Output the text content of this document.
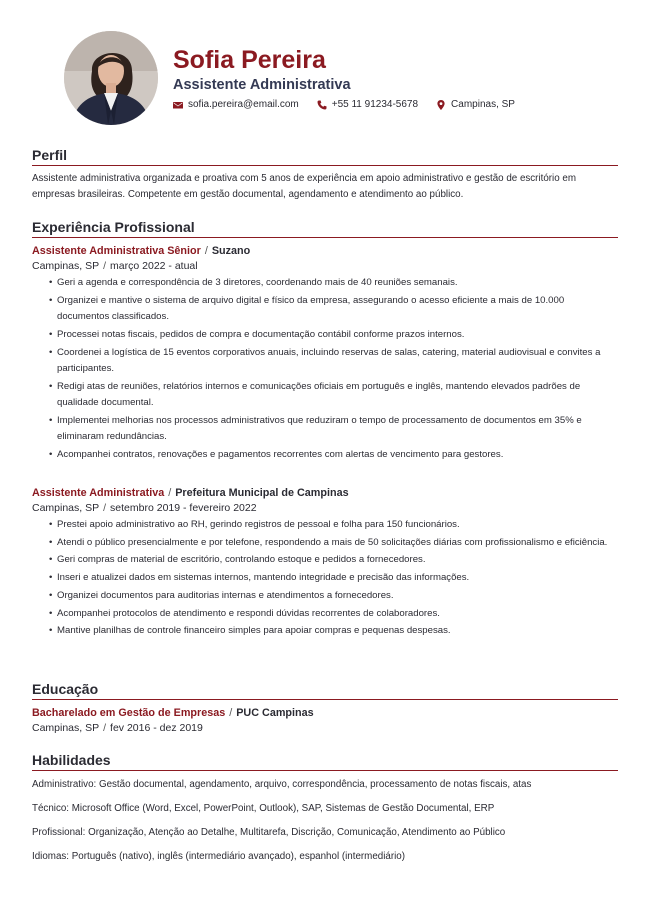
Sofia Pereira
Assistente Administrativa
sofia.pereira@email.com	+55 11 91234-5678	Campinas, SP
Perfil
Assistente administrativa organizada e proativa com 5 anos de experiência em apoio administrativo e gestão de escritório em empresas brasileiras. Competente em gestão documental, agendamento e atendimento ao público.
Experiência Profissional
Assistente Administrativa Sênior / Suzano
Campinas, SP / março 2022 - atual
• Geri a agenda e correspondência de 3 diretores, coordenando mais de 40 reuniões semanais.
• Organizei e mantive o sistema de arquivo digital e físico da empresa, assegurando o acesso eficiente a mais de 10.000 documentos classificados.
• Processei notas fiscais, pedidos de compra e documentação contábil conforme prazos internos.
• Coordenei a logística de 15 eventos corporativos anuais, incluindo reservas de salas, catering, material audiovisual e convites a participantes.
• Redigi atas de reuniões, relatórios internos e comunicações oficiais em português e inglês, mantendo elevados padrões de qualidade documental.
• Implementei melhorias nos processos administrativos que reduziram o tempo de processamento de documentos em 35% e eliminaram redundâncias.
• Acompanhei contratos, renovações e pagamentos recorrentes com alertas de vencimento para gestores.
Assistente Administrativa / Prefeitura Municipal de Campinas
Campinas, SP / setembro 2019 - fevereiro 2022
• Prestei apoio administrativo ao RH, gerindo registros de pessoal e folha para 150 funcionários.
• Atendi o público presencialmente e por telefone, respondendo a mais de 50 solicitações diárias com profissionalismo e eficiência.
• Geri compras de material de escritório, controlando estoque e pedidos a fornecedores.
• Inseri e atualizei dados em sistemas internos, mantendo integridade e precisão das informações.
• Organizei documentos para auditorias internas e atendimentos a fornecedores.
• Acompanhei protocolos de atendimento e respondi dúvidas recorrentes de colaboradores.
• Mantive planilhas de controle financeiro simples para apoiar compras e pequenas despesas.
Educação
Bacharelado em Gestão de Empresas / PUC Campinas
Campinas, SP / fev 2016 - dez 2019
Habilidades
Administrativo: Gestão documental, agendamento, arquivo, correspondência, processamento de notas fiscais, atas
Técnico: Microsoft Office (Word, Excel, PowerPoint, Outlook), SAP, Sistemas de Gestão Documental, ERP
Profissional: Organização, Atenção ao Detalhe, Multitarefa, Discrição, Comunicação, Atendimento ao Público
Idiomas: Português (nativo), inglês (intermediário avançado), espanhol (intermediário)
